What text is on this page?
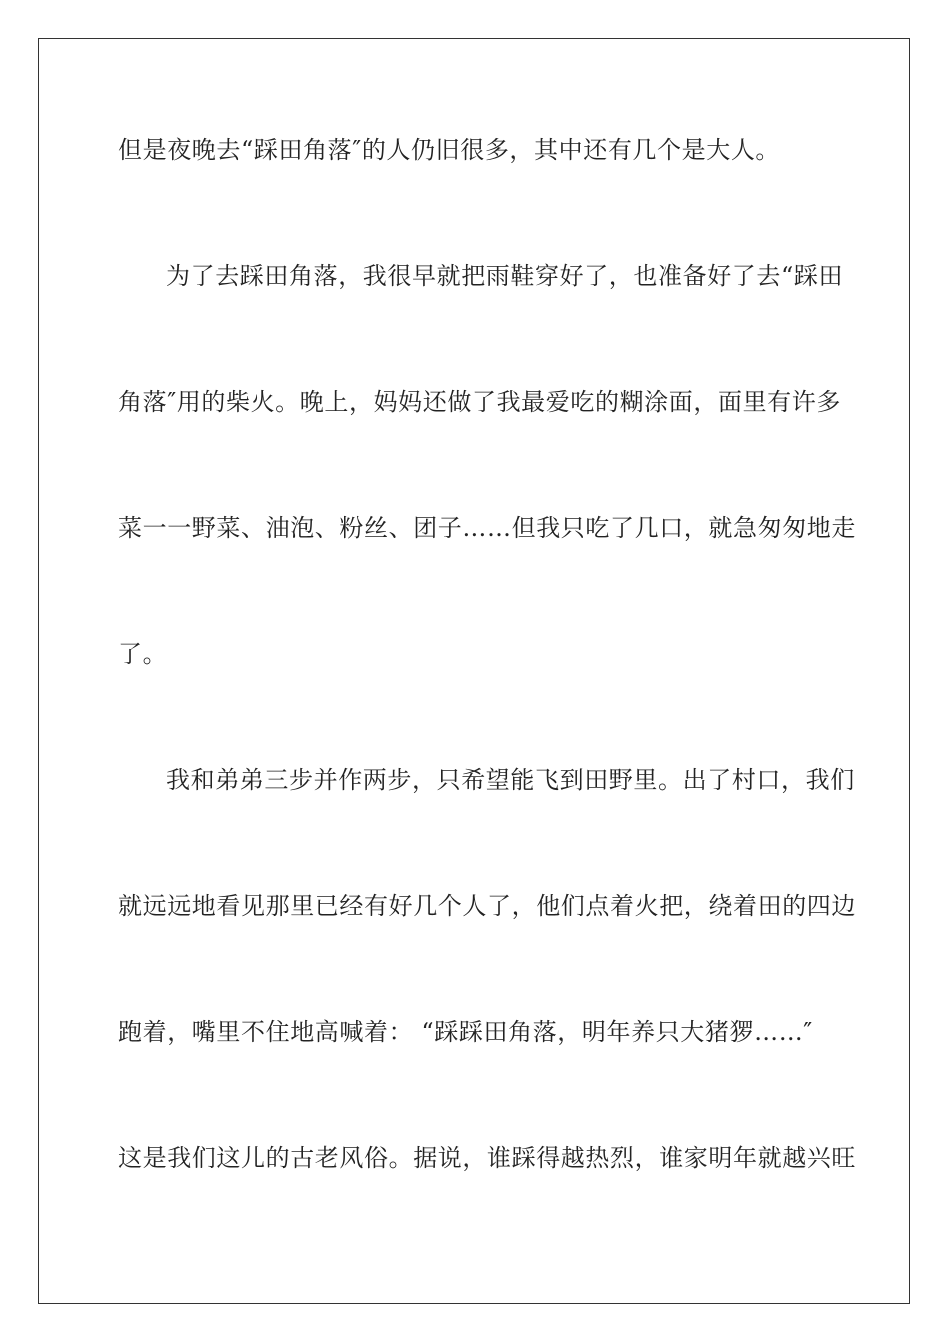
但是夜晚去“踩田角落″的人仍旧很多，其中还有几个是大人。
为了去踩田角落，我很早就把雨鞋穿好了，也准备好了去“踩田
角落″用的柴火。晚上，妈妈还做了我最爱吃的糊涂面，面里有许多
菜一一野菜、油泡、粉丝、团子……但我只吃了几口，就急匆匆地走
了。
我和弟弟三步并作两步，只希望能飞到田野里。出了村口，我们
就远远地看见那里已经有好几个人了，他们点着火把，绕着田的四边
跑着，嘴里不住地高喊着： “踩踩田角落，明年养只大猪猡……″
这是我们这儿的古老风俗。据说，谁踩得越热烈，谁家明年就越兴旺
